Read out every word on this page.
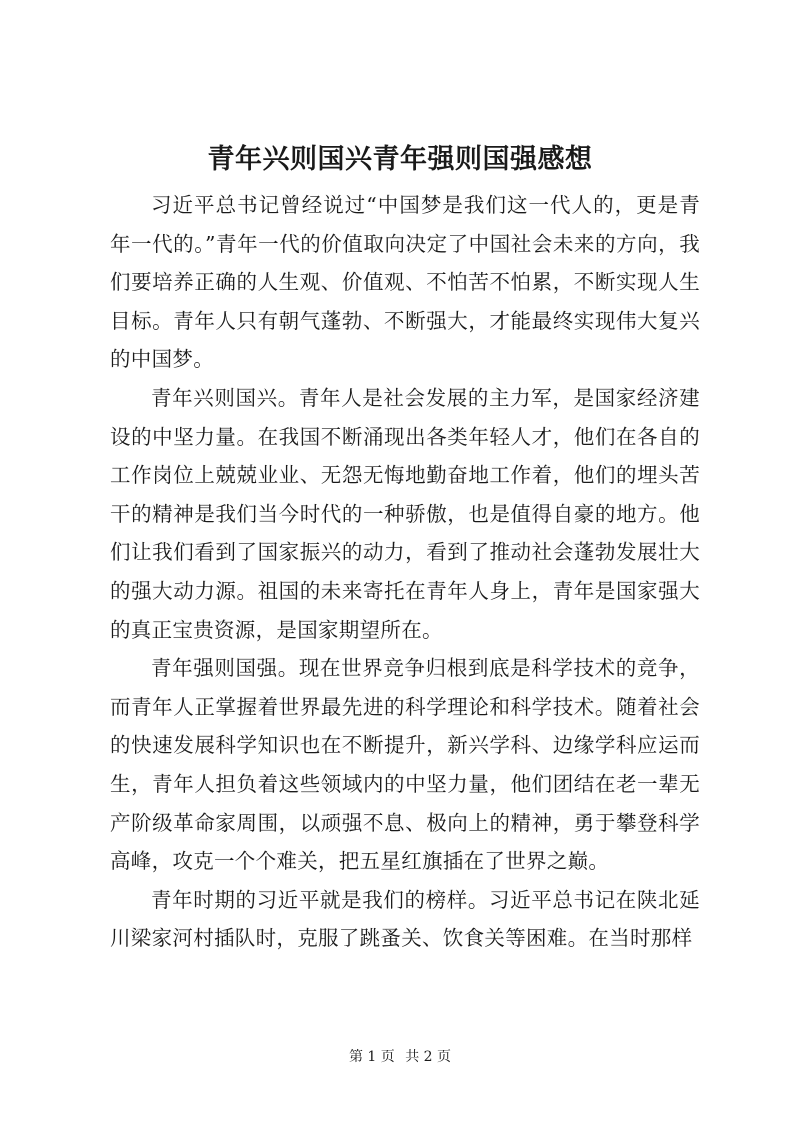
青年兴则国兴青年强则国强感想

习近平总书记曾经说过“中国梦是我们这一代人的，更是青年一代的。”青年一代的价值取向决定了中国社会未来的方向，我们要培养正确的人生观、价值观、不怕苦不怕累，不断实现人生目标。青年人只有朝气蓬勃、不断强大，才能最终实现伟大复兴的中国梦。

青年兴则国兴。青年人是社会发展的主力军，是国家经济建设的中坚力量。在我国不断涌现出各类年轻人才，他们在各自的工作岗位上兢兢业业、无怨无悔地勤奋地工作着，他们的埋头苦干的精神是我们当今时代的一种骄傲，也是值得自豪的地方。他们让我们看到了国家振兴的动力，看到了推动社会蓬勃发展壮大的强大动力源。祖国的未来寄托在青年人身上，青年是国家强大的真正宝贵资源，是国家期望所在。

青年强则国强。现在世界竞争归根到底是科学技术的竞争，而青年人正掌握着世界最先进的科学理论和科学技术。随着社会的快速发展科学知识也在不断提升，新兴学科、边缘学科应运而生，青年人担负着这些领域内的中坚力量，他们团结在老一辈无产阶级革命家周围，以顽强不息、极向上的精神，勇于攀登科学高峰，攻克一个个难关，把五星红旗插在了世界之巅。

青年时期的习近平就是我们的榜样。习近平总书记在陕北延川梁家河村插队时，克服了跳蚤关、饮食关等困难。在当时那样

第 1 页 共 2 页
